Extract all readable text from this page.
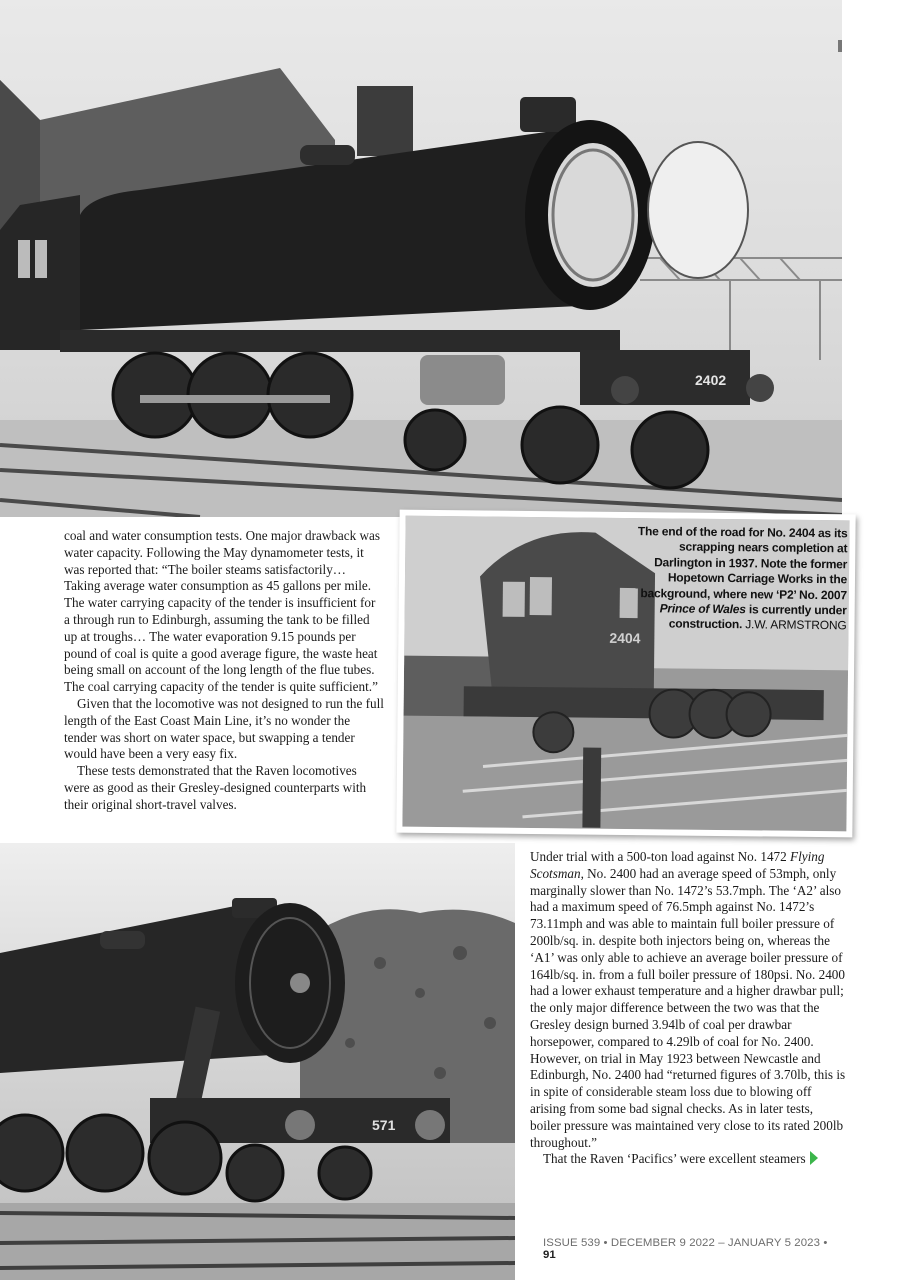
2402
2404
The end of the road for No. 2404 as its scrapping nears completion at Darlington in 1937. Note the former Hopetown Carriage Works in the background, where new ‘P2’ No. 2007 Prince of Wales is currently under construction. J.W. ARMSTRONG

coal and water consumption tests. One major drawback was water capacity. Following the May dynamometer tests, it was reported that: “The boiler steams satisfactorily… Taking average water consumption as 45 gallons per mile. The water carrying capacity of the tender is insufficient for a through run to Edinburgh, assuming the tank to be filled up at troughs… The water evaporation 9.15 pounds per pound of coal is quite a good average figure, the waste heat being small on account of the long length of the flue tubes. The coal carrying capacity of the tender is quite sufficient.”

Given that the locomotive was not designed to run the full length of the East Coast Main Line, it’s no wonder the tender was short on water space, but swapping a tender would have been a very easy fix.

These tests demonstrated that the Raven locomotives were as good as their Gresley-designed counterparts with their original short-travel valves.

571

Under trial with a 500-ton load against No. 1472 Flying Scotsman, No. 2400 had an average speed of 53mph, only marginally slower than No. 1472’s 53.7mph. The ‘A2’ also had a maximum speed of 76.5mph against No. 1472’s 73.11mph and was able to maintain full boiler pressure of 200lb/sq. in. despite both injectors being on, whereas the ‘A1’ was only able to achieve an average boiler pressure of 164lb/sq. in. from a full boiler pressure of 180psi. No. 2400 had a lower exhaust temperature and a higher drawbar pull; the only major difference between the two was that the Gresley design burned 3.94lb of coal per drawbar horsepower, compared to 4.29lb of coal for No. 2400. However, on trial in May 1923 between Newcastle and Edinburgh, No. 2400 had “returned figures of 3.70lb, this is in spite of considerable steam loss due to blowing off arising from some bad signal checks. As in later tests, boiler pressure was maintained very close to its rated 200lb throughout.”

That the Raven ‘Pacifics’ were excellent steamers

ISSUE 539 • DECEMBER 9 2022 – JANUARY 5 2023 • 91
